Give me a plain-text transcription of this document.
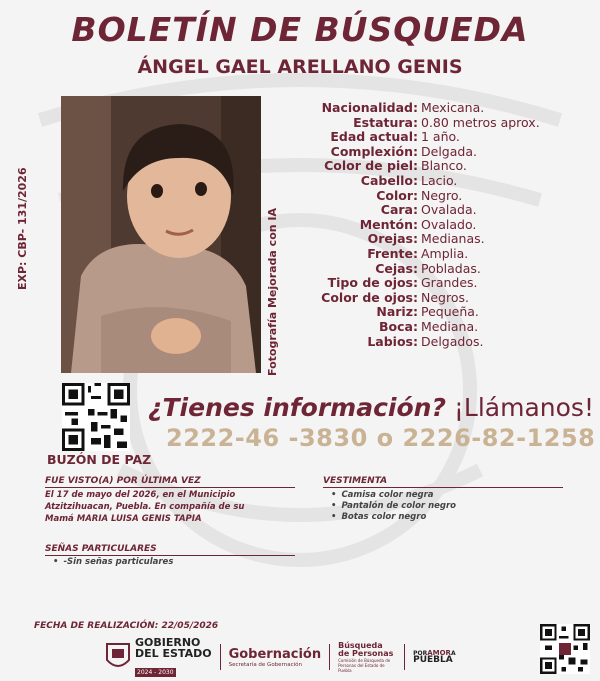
BOLETÍN DE BÚSQUEDA
ÁNGEL GAEL ARELLANO GENIS
EXP: CBP- 131/2026	Fotografía Mejorada con IA
Nacionalidad: Mexicana.
Estatura: 0.80 metros aprox.
Edad actual: 1 año.
Complexión: Delgada.
Color de piel: Blanco.
Cabello: Lacio.
Color: Negro.
Cara: Ovalada.
Mentón: Ovalado.
Orejas: Medianas.
Frente: Amplia.
Cejas: Pobladas.
Tipo de ojos: Grandes.
Color de ojos: Negros.
Nariz: Pequeña.
Boca: Mediana.
Labios: Delgados.
BUZÓN DE PAZ
¿Tienes información? ¡Llámanos!
2222-46 -3830 o 2226-82-1258
FUE VISTO(A) POR ÚLTIMA VEZ
El 17 de mayo del 2026, en el Municipio
Atzitzihuacan, Puebla. En compañía de su
Mamá MARIA LUISA GENIS TAPIA
VESTIMENTA
• Camisa color negra
• Pantalón de color negro
• Botas color negro
SEÑAS PARTICULARES
• -Sin señas particulares
FECHA DE REALIZACIÓN: 22/05/2026
GOBIERNO
DEL ESTADO
2024 - 2030
Gobernación
Secretaría de Gobernación
Búsqueda
de Personas
Comisión de Búsqueda de Personas del Estado de Puebla
PORAMORA
PUEBLA
